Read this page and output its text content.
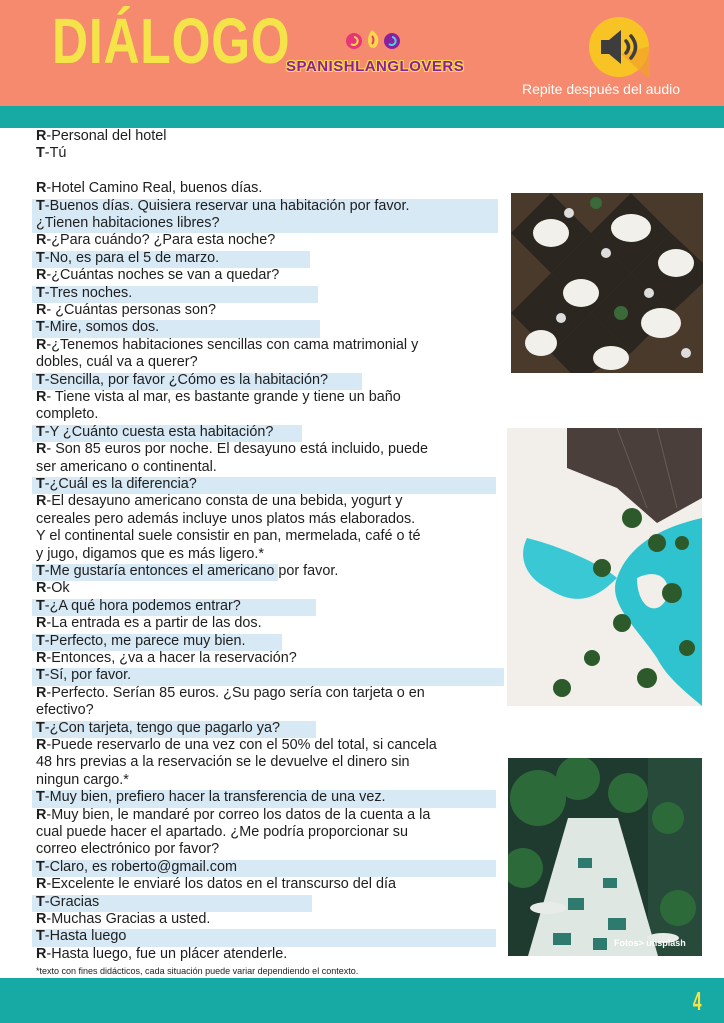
DIÁLOGO
SPANISHLANGLOVERS
Repite después del audio
R-Personal del hotel
T-Tú
R-Hotel Camino Real, buenos días.
T-Buenos días. Quisiera reservar una habitación por favor.
¿Tienen habitaciones libres?
R-¿Para cuándo? ¿Para esta noche?
T-No, es para el 5 de marzo.
R-¿Cuántas noches se van a quedar?
T-Tres noches.
R- ¿Cuántas personas son?
T-Mire, somos dos.
R-¿Tenemos habitaciones sencillas con cama matrimonial y
dobles, cuál va a querer?
T-Sencilla, por favor ¿Cómo es la habitación?
R- Tiene vista al mar, es bastante grande y tiene un baño
completo.
T-Y ¿Cuánto cuesta esta habitación?
R- Son 85 euros por noche. El desayuno está incluido, puede
ser americano o continental.
T-¿Cuál es la diferencia?
R-El desayuno americano consta de una bebida, yogurt y
cereales pero además incluye unos platos más elaborados.
Y el continental suele consistir en pan, mermelada, café o té
y jugo, digamos que es más ligero.*
T-Me gustaría entonces el americano por favor.
R-Ok
T-¿A qué hora podemos entrar?
R-La entrada es a partir de las dos.
T-Perfecto, me parece muy bien.
R-Entonces, ¿va a hacer la reservación?
T-Sí, por favor.
R-Perfecto. Serían 85 euros. ¿Su pago sería con tarjeta o en
efectivo?
T-¿Con tarjeta, tengo que pagarlo ya?
R-Puede reservarlo de una vez con el 50% del total, si cancela
48 hrs previas a la reservación se le devuelve el dinero sin
ningun cargo.*
T-Muy bien, prefiero hacer la transferencia de una vez.
R-Muy bien, le mandaré por correo los datos de la cuenta a la
cual puede hacer el apartado. ¿Me podría proporcionar su
correo electrónico por favor?
T-Claro, es roberto@gmail.com
R-Excelente le enviaré los datos en el transcurso del día
T-Gracias
R-Muchas Gracias a usted.
T-Hasta luego
R-Hasta luego, fue un plácer atenderle.
Fotos> unsplash
*texto con fines didácticos, cada situación puede variar dependiendo el contexto.
4
